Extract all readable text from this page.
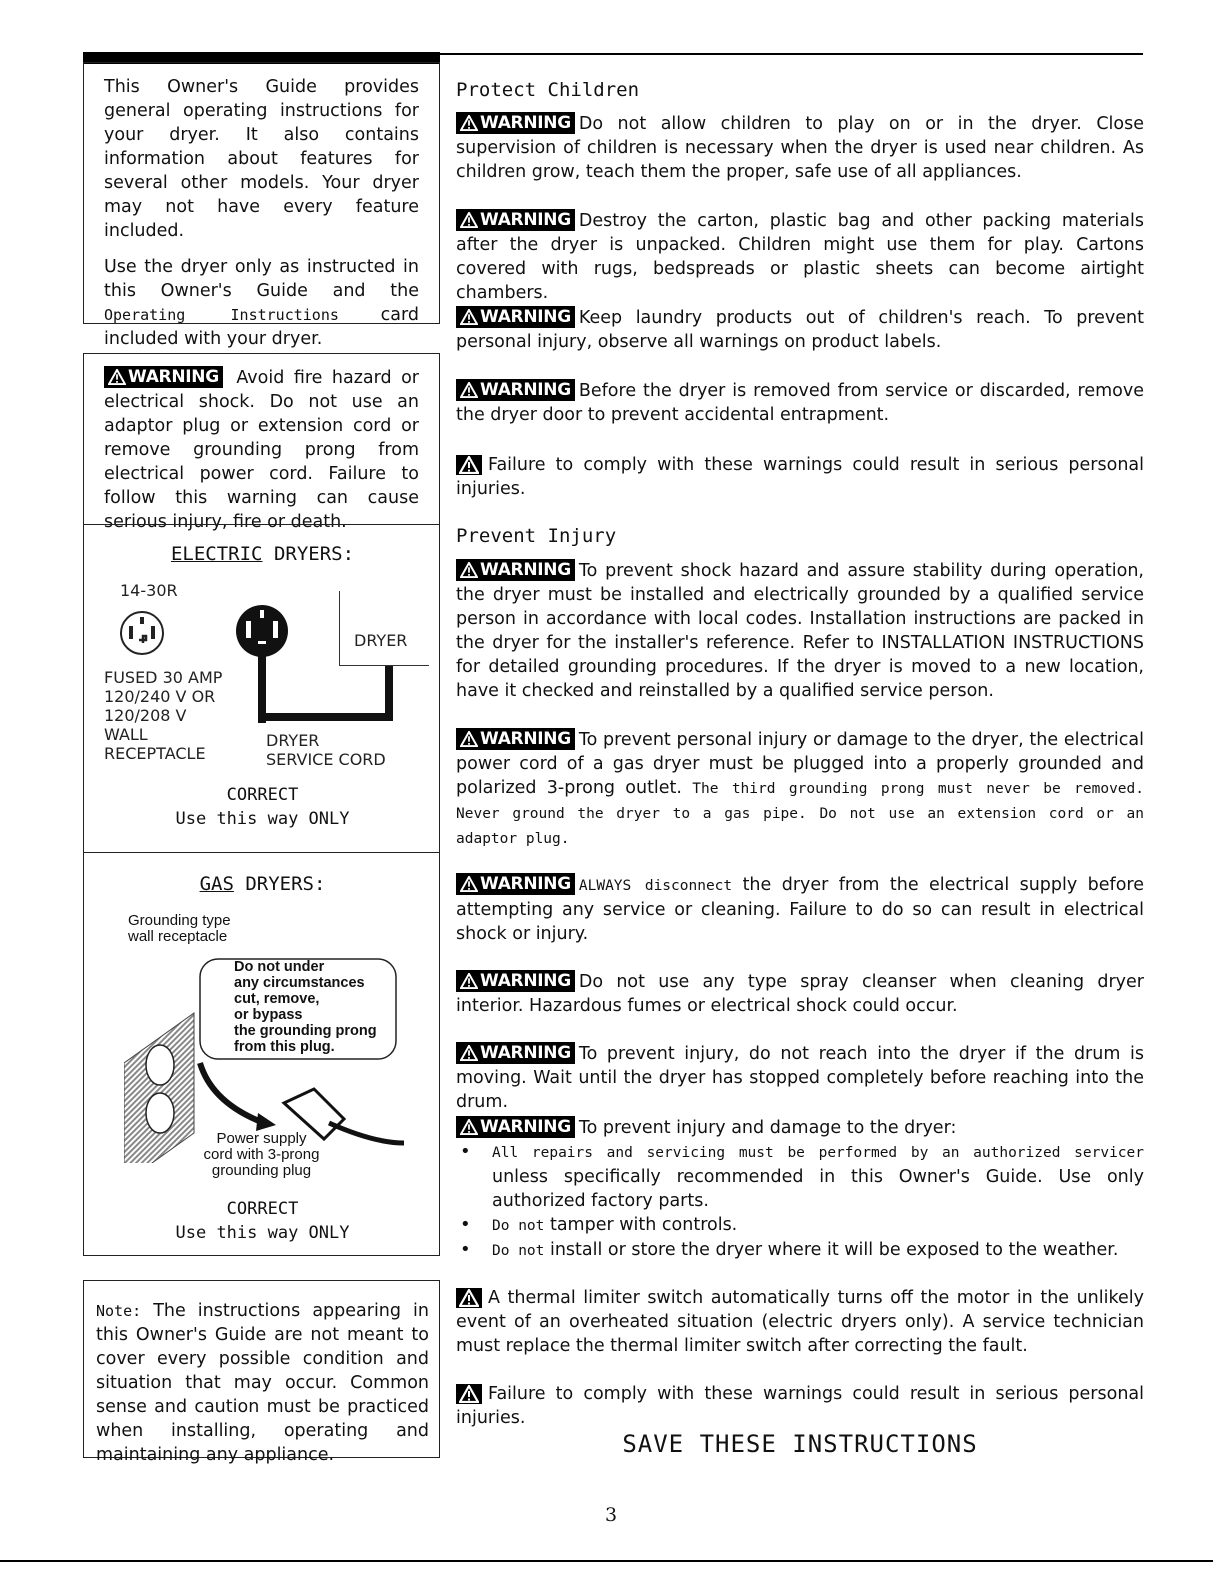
This Owner's Guide provides general operating instructions for your dryer. It also contains information about features for several other models. Your dryer may not have every feature included.

Use the dryer only as instructed in this Owner's Guide and the Operating Instructions card included with your dryer.

WARNING Avoid fire hazard or electrical shock. Do not use an adaptor plug or extension cord or remove grounding prong from electrical power cord. Failure to follow this warning can cause serious injury, fire or death.
ELECTRIC DRYERS:
14-30R
DRYER
FUSED 30 AMP
120/240 V OR
120/208 V
WALL
RECEPTACLE
DRYER
SERVICE CORD
CORRECT
Use this way ONLY
GAS DRYERS:
Grounding type
wall receptacle
Do not under
any circumstances
cut, remove,
or bypass
the grounding prong
from this plug.
Power supply
cord with 3-prong
grounding plug
CORRECT
Use this way ONLY
Note: The instructions appearing in this Owner's Guide are not meant to cover every possible condition and situation that may occur. Common sense and caution must be practiced when installing, operating and maintaining any appliance.
Protect Children
WARNING Do not allow children to play on or in the dryer. Close supervision of children is necessary when the dryer is used near children. As children grow, teach them the proper, safe use of all appliances.
WARNING Destroy the carton, plastic bag and other packing materials after the dryer is unpacked. Children might use them for play. Cartons covered with rugs, bedspreads or plastic sheets can become airtight chambers.
WARNING Keep laundry products out of children's reach. To prevent personal injury, observe all warnings on product labels.
WARNING Before the dryer is removed from service or discarded, remove the dryer door to prevent accidental entrapment.
Failure to comply with these warnings could result in serious personal injuries.
Prevent Injury
WARNING To prevent shock hazard and assure stability during operation, the dryer must be installed and electrically grounded by a qualified service person in accordance with local codes. Installation instructions are packed in the dryer for the installer's reference. Refer to INSTALLATION INSTRUCTIONS for detailed grounding procedures. If the dryer is moved to a new location, have it checked and reinstalled by a qualified service person.
WARNING To prevent personal injury or damage to the dryer, the electrical power cord of a gas dryer must be plugged into a properly grounded and polarized 3-prong outlet. The third grounding prong must never be removed. Never ground the dryer to a gas pipe. Do not use an extension cord or an adaptor plug.
WARNING ALWAYS disconnect the dryer from the electrical supply before attempting any service or cleaning. Failure to do so can result in electrical shock or injury.
WARNING Do not use any type spray cleanser when cleaning dryer interior. Hazardous fumes or electrical shock could occur.
WARNING To prevent injury, do not reach into the dryer if the drum is moving. Wait until the dryer has stopped completely before reaching into the drum.

WARNING To prevent injury and damage to the dryer:

• All repairs and servicing must be performed by an authorized servicer unless specifically recommended in this Owner's Guide. Use only authorized factory parts.
• Do not tamper with controls.
• Do not install or store the dryer where it will be exposed to the weather.
A thermal limiter switch automatically turns off the motor in the unlikely event of an overheated situation (electric dryers only). A service technician must replace the thermal limiter switch after correcting the fault.
Failure to comply with these warnings could result in serious personal injuries.
SAVE THESE INSTRUCTIONS
3
